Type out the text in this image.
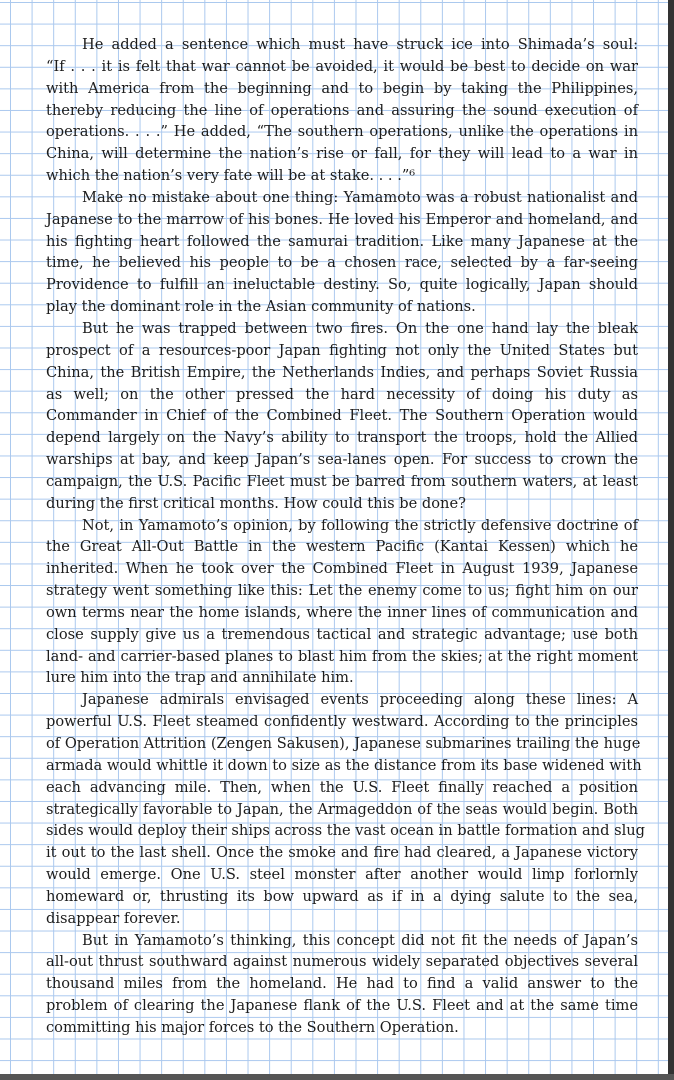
He added a sentence which must have struck ice into Shimada’s soul:
“If . . . it is felt that war cannot be avoided, it would be best to decide on war
with America from the beginning and to begin by taking the Philippines,
thereby reducing the line of operations and assuring the sound execution of
operations. . . .” He added, “The southern operations, unlike the operations in
China, will determine the nation’s rise or fall, for they will lead to a war in
which the nation’s very fate will be at stake. . . .”⁶

Make no mistake about one thing: Yamamoto was a robust nationalist and
Japanese to the marrow of his bones. He loved his Emperor and homeland, and
his fighting heart followed the samurai tradition. Like many Japanese at the
time, he believed his people to be a chosen race, selected by a far-seeing
Providence to fulfill an ineluctable destiny. So, quite logically, Japan should
play the dominant role in the Asian community of nations.

But he was trapped between two fires. On the one hand lay the bleak
prospect of a resources-poor Japan fighting not only the United States but
China, the British Empire, the Netherlands Indies, and perhaps Soviet Russia
as well; on the other pressed the hard necessity of doing his duty as
Commander in Chief of the Combined Fleet. The Southern Operation would
depend largely on the Navy’s ability to transport the troops, hold the Allied
warships at bay, and keep Japan’s sea-lanes open. For success to crown the
campaign, the U.S. Pacific Fleet must be barred from southern waters, at least
during the first critical months. How could this be done?

Not, in Yamamoto’s opinion, by following the strictly defensive doctrine of
the Great All-Out Battle in the western Pacific (Kantai Kessen) which he
inherited. When he took over the Combined Fleet in August 1939, Japanese
strategy went something like this: Let the enemy come to us; fight him on our
own terms near the home islands, where the inner lines of communication and
close supply give us a tremendous tactical and strategic advantage; use both
land- and carrier-based planes to blast him from the skies; at the right moment
lure him into the trap and annihilate him.

Japanese admirals envisaged events proceeding along these lines: A
powerful U.S. Fleet steamed confidently westward. According to the principles
of Operation Attrition (Zengen Sakusen), Japanese submarines trailing the huge
armada would whittle it down to size as the distance from its base widened with
each advancing mile. Then, when the U.S. Fleet finally reached a position
strategically favorable to Japan, the Armageddon of the seas would begin. Both
sides would deploy their ships across the vast ocean in battle formation and slug
it out to the last shell. Once the smoke and fire had cleared, a Japanese victory
would emerge. One U.S. steel monster after another would limp forlornly
homeward or, thrusting its bow upward as if in a dying salute to the sea,
disappear forever.

But in Yamamoto’s thinking, this concept did not fit the needs of Japan’s
all-out thrust southward against numerous widely separated objectives several
thousand miles from the homeland. He had to find a valid answer to the
problem of clearing the Japanese flank of the U.S. Fleet and at the same time
committing his major forces to the Southern Operation.
